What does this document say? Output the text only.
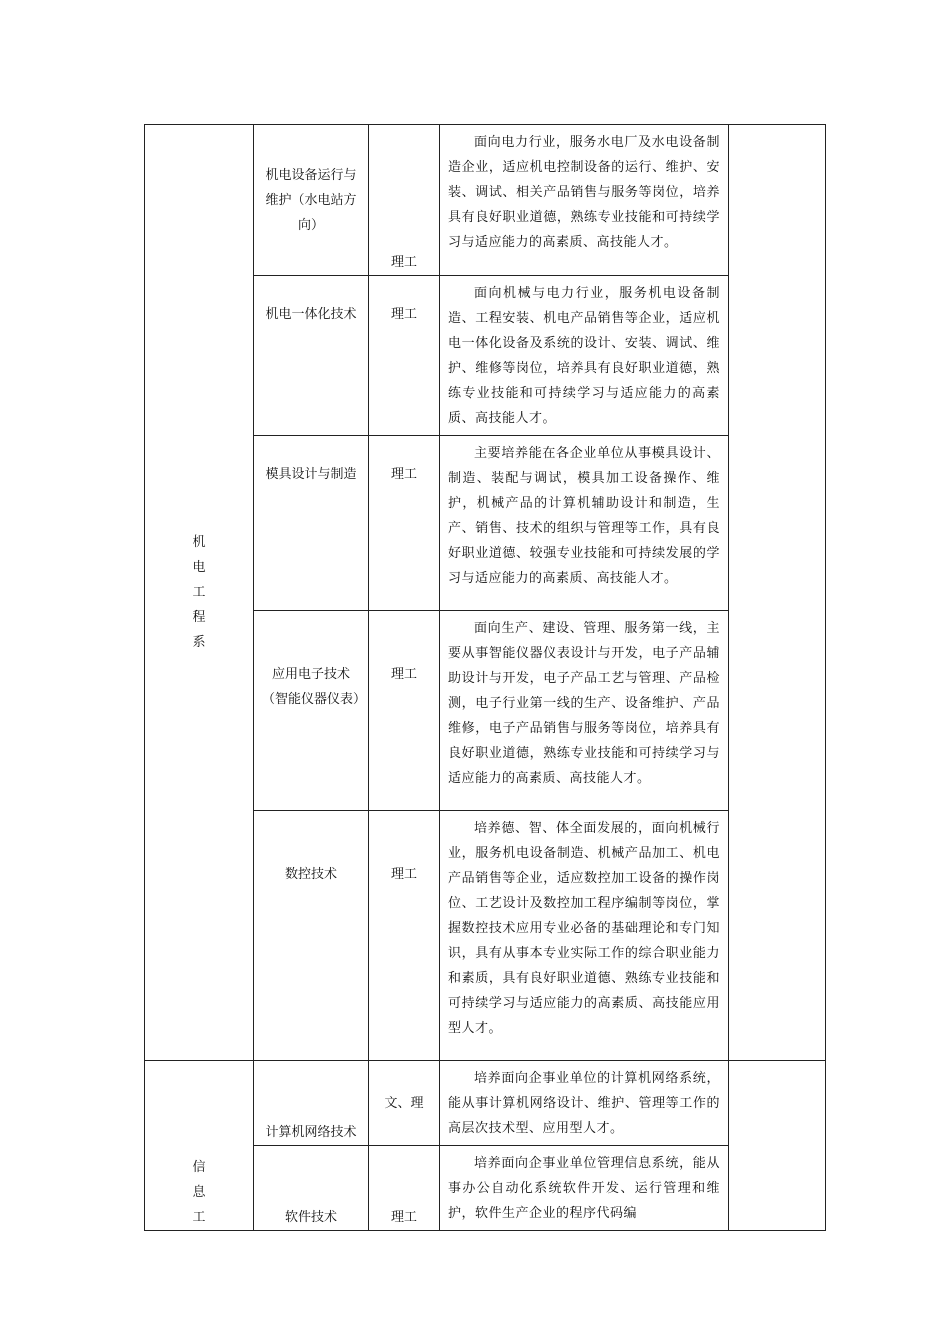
机电工程系	机电设备运行与维护（水电站方向）	理工	面向电力行业，服务水电厂及水电设备制造企业，适应机电控制设备的运行、维护、安装、调试、相关产品销售与服务等岗位，培养具有良好职业道德，熟练专业技能和可持续学习与适应能力的高素质、高技能人才。	

	机电一体化技术	理工	面向机械与电力行业，服务机电设备制造、工程安装、机电产品销售等企业，适应机电一体化设备及系统的设计、安装、调试、维护、维修等岗位，培养具有良好职业道德，熟练专业技能和可持续学习与适应能力的高素质、高技能人才。	

	模具设计与制造	理工	主要培养能在各企业单位从事模具设计、制造、装配与调试，模具加工设备操作、维护，机械产品的计算机辅助设计和制造，生产、销售、技术的组织与管理等工作，具有良好职业道德、较强专业技能和可持续发展的学习与适应能力的高素质、高技能人才。	

	应用电子技术（智能仪器仪表）	理工	面向生产、建设、管理、服务第一线，主要从事智能仪器仪表设计与开发，电子产品辅助设计与开发，电子产品工艺与管理、产品检测，电子行业第一线的生产、设备维护、产品维修，电子产品销售与服务等岗位，培养具有良好职业道德，熟练专业技能和可持续学习与适应能力的高素质、高技能人才。	

	数控技术	理工	培养德、智、体全面发展的，面向机械行业，服务机电设备制造、机械产品加工、机电产品销售等企业，适应数控加工设备的操作岗位、工艺设计及数控加工程序编制等岗位，掌握数控技术应用专业必备的基础理论和专门知识，具有从事本专业实际工作的综合职业能力和素质，具有良好职业道德、熟练专业技能和可持续学习与适应能力的高素质、高技能应用型人才。	

信息工	计算机网络技术	文、理	培养面向企事业单位的计算机网络系统，能从事计算机网络设计、维护、管理等工作的高层次技术型、应用型人才。	

	软件技术	理工	培养面向企事业单位管理信息系统，能从事办公自动化系统软件开发、运行管理和维护，软件生产企业的程序代码编	
